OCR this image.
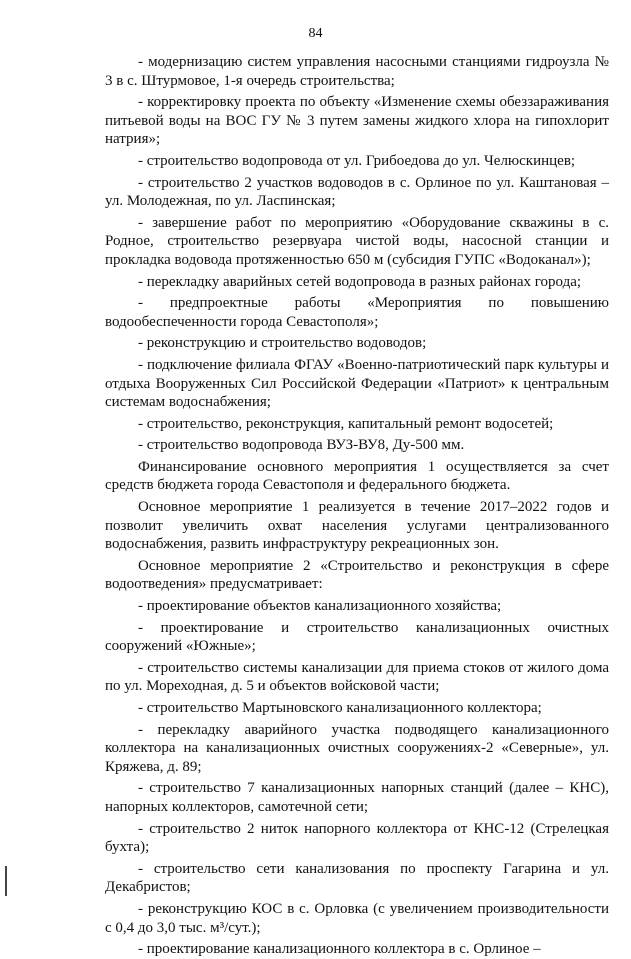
84

- модернизацию систем управления насосными станциями гидроузла № 3 в с. Штурмовое, 1-я очередь строительства;

- корректировку проекта по объекту «Изменение схемы обеззараживания питьевой воды на ВОС ГУ № 3 путем замены жидкого хлора на гипохлорит натрия»;

- строительство водопровода от ул. Грибоедова до ул. Челюскинцев;

- строительство 2 участков водоводов в с. Орлиное по ул. Каштановая – ул. Молодежная, по ул. Ласпинская;

- завершение работ по мероприятию «Оборудование скважины в с. Родное, строительство резервуара чистой воды, насосной станции и прокладка водовода протяженностью 650 м (субсидия ГУПС «Водоканал»);

- перекладку аварийных сетей водопровода в разных районах города;

- предпроектные работы «Мероприятия по повышению водообеспеченности города Севастополя»;

- реконструкцию и строительство водоводов;

- подключение филиала ФГАУ «Военно-патриотический парк культуры и отдыха Вооруженных Сил Российской Федерации «Патриот» к центральным системам водоснабжения;

- строительство, реконструкция, капитальный ремонт водосетей;

- строительство водопровода ВУЗ-ВУ8, Ду-500 мм.

Финансирование основного мероприятия 1 осуществляется за счет средств бюджета города Севастополя и федерального бюджета.

Основное мероприятие 1 реализуется в течение 2017–2022 годов и позволит увеличить охват населения услугами централизованного водоснабжения, развить инфраструктуру рекреационных зон.

Основное мероприятие 2 «Строительство и реконструкция в сфере водоотведения» предусматривает:

- проектирование объектов канализационного хозяйства;

- проектирование и строительство канализационных очистных сооружений «Южные»;

- строительство системы канализации для приема стоков от жилого дома по ул. Мореходная, д. 5 и объектов войсковой части;

- строительство Мартыновского канализационного коллектора;

- перекладку аварийного участка подводящего канализационного коллектора на канализационных очистных сооружениях-2 «Северные», ул. Кряжева, д. 89;

- строительство 7 канализационных напорных станций (далее – КНС), напорных коллекторов, самотечной сети;

- строительство 2 ниток напорного коллектора от КНС-12 (Стрелецкая бухта);

- строительство сети канализования по проспекту Гагарина и ул. Декабристов;

- реконструкцию КОС в с. Орловка (с увеличением производительности с 0,4 до 3,0 тыс. м³/сут.);

- проектирование канализационного коллектора в с. Орлиное –
